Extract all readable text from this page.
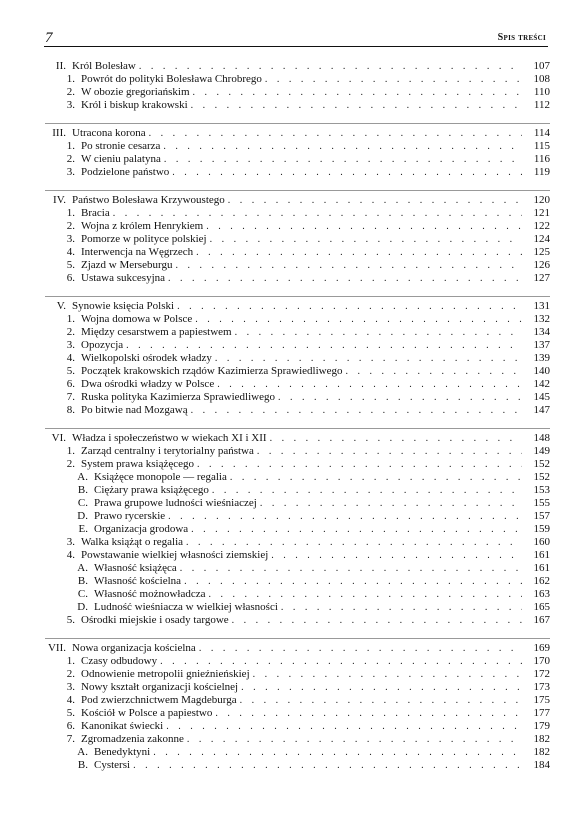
7	Spis treści
II. Król Bolesław . . .	107
1. Powrót do polityki Bolesława Chrobrego . . .	108
2. W obozie gregoriańskim . . .	110
3. Król i biskup krakowski . . .	112
III. Utracona korona . . .	114
1. Po stronie cesarza . . .	115
2. W cieniu palatyna . . .	116
3. Podzielone państwo . . .	119
IV. Państwo Bolesława Krzywoustego . . .	120
1. Bracia . . .	121
2. Wojna z królem Henrykiem . . .	122
3. Pomorze w polityce polskiej . . .	124
4. Interwencja na Węgrzech . . .	125
5. Zjazd w Merseburgu . . .	126
6. Ustawa sukcesyjna . . .	127
V. Synowie księcia Polski . . .	131
1. Wojna domowa w Polsce . . .	132
2. Między cesarstwem a papiestwem . . .	134
3. Opozycja . . .	137
4. Wielkopolski ośrodek władzy . . .	139
5. Początek krakowskich rządów Kazimierza Sprawiedliwego . . .	140
6. Dwa ośrodki władzy w Polsce . . .	142
7. Ruska polityka Kazimierza Sprawiedliwego . . .	145
8. Po bitwie nad Mozgawą . . .	147
VI. Władza i społeczeństwo w wiekach XI i XII . . .	148
1. Zarząd centralny i terytorialny państwa . . .	149
2. System prawa książęcego . . .	152
A. Książęce monopole — regalia . . .	152
B. Ciężary prawa książęcego . . .	153
C. Prawa grupowe ludności wieśniaczej . . .	155
D. Prawo rycerskie . . .	157
E. Organizacja grodowa . . .	159
3. Walka książąt o regalia . . .	160
4. Powstawanie wielkiej własności ziemskiej . . .	161
A. Własność książęca . . .	161
B. Własność kościelna . . .	162
C. Własność możnowładcza . . .	163
D. Ludność wieśniacza w wielkiej własności . . .	165
5. Ośrodki miejskie i osady targowe . . .	167
VII. Nowa organizacja kościelna . . .	169
1. Czasy odbudowy . . .	170
2. Odnowienie metropolii gnieźnieńskiej . . .	172
3. Nowy kształt organizacji kościelnej . . .	173
4. Pod zwierzchnictwem Magdeburga . . .	175
5. Kościół w Polsce a papiestwo . . .	177
6. Kanonikat świecki . . .	179
7. Zgromadzenia zakonne . . .	182
A. Benedyktyni . . .	182
B. Cystersi . . .	184
